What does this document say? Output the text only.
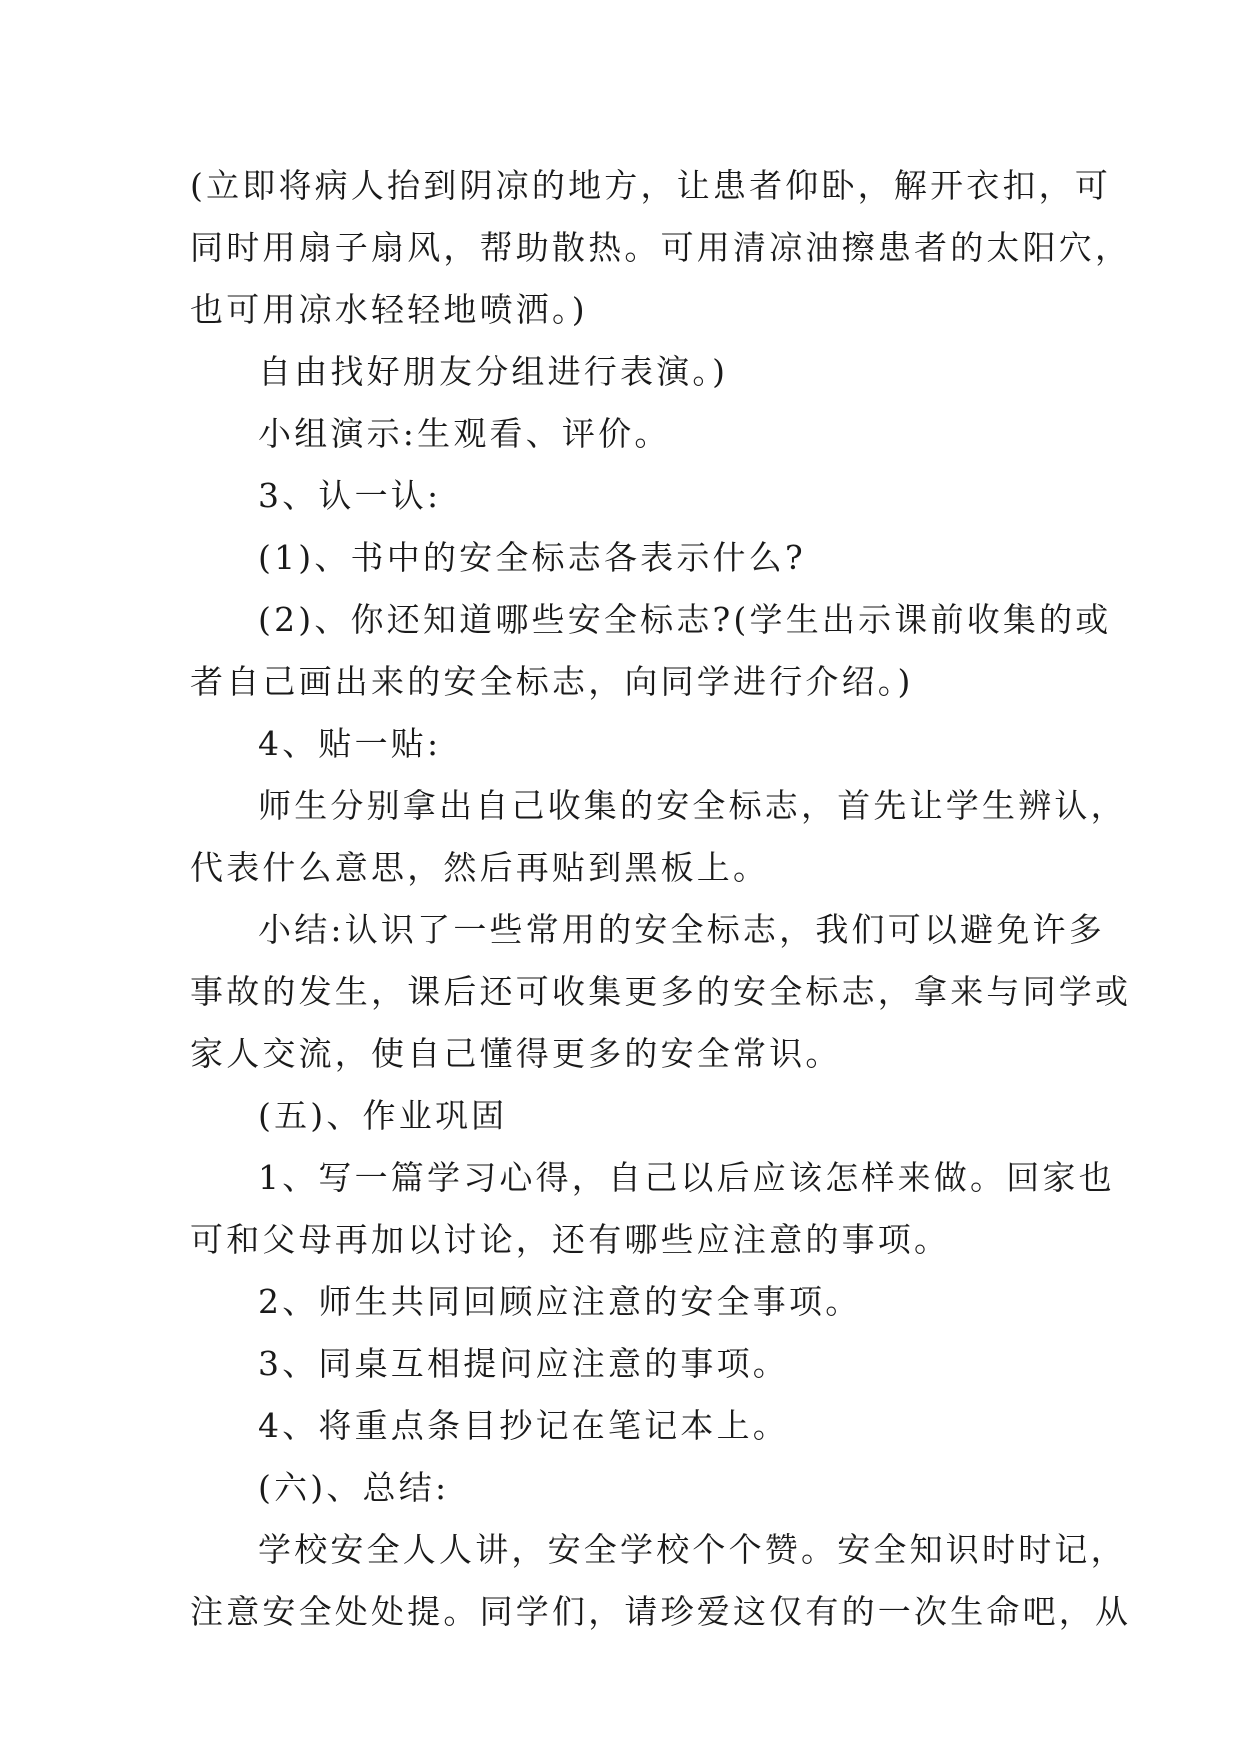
(立即将病人抬到阴凉的地方，让患者仰卧，解开衣扣，可

同时用扇子扇风，帮助散热。可用清凉油擦患者的太阳穴，

也可用凉水轻轻地喷洒。)

自由找好朋友分组进行表演。)

小组演示:生观看、评价。

3、认一认:

(1)、书中的安全标志各表示什么?

(2)、你还知道哪些安全标志?(学生出示课前收集的或

者自己画出来的安全标志，向同学进行介绍。)

4、贴一贴:

师生分别拿出自己收集的安全标志，首先让学生辨认，

代表什么意思，然后再贴到黑板上。

小结:认识了一些常用的安全标志，我们可以避免许多

事故的发生，课后还可收集更多的安全标志，拿来与同学或

家人交流，使自己懂得更多的安全常识。

(五)、作业巩固

1、写一篇学习心得，自己以后应该怎样来做。回家也

可和父母再加以讨论，还有哪些应注意的事项。

2、师生共同回顾应注意的安全事项。

3、同桌互相提问应注意的事项。

4、将重点条目抄记在笔记本上。

(六)、总结:

学校安全人人讲，安全学校个个赞。安全知识时时记，

注意安全处处提。同学们，请珍爱这仅有的一次生命吧，从
